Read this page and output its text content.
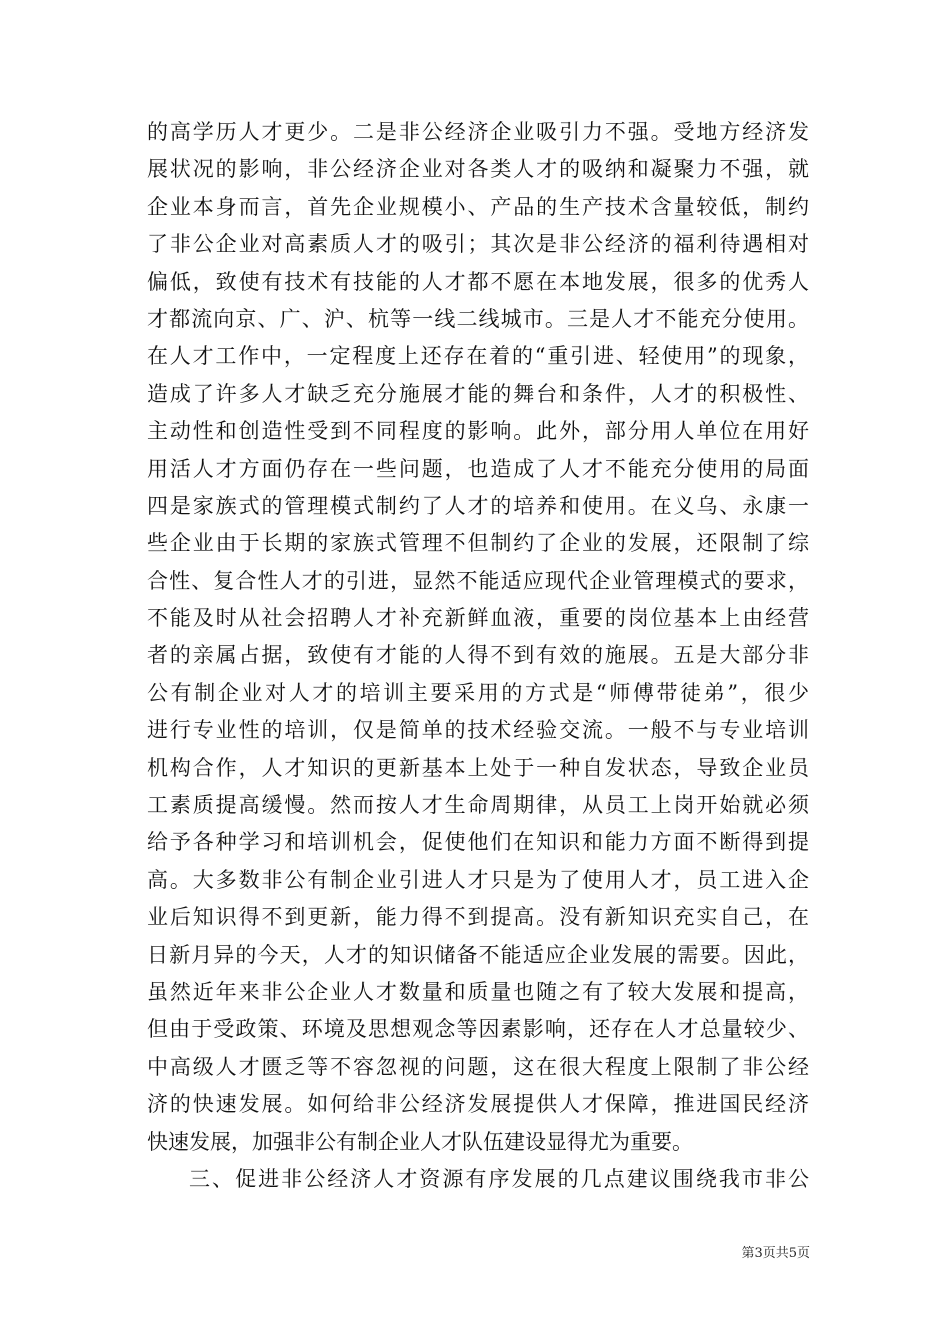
的高学历人才更少。二是非公经济企业吸引力不强。受地方经济发
展状况的影响，非公经济企业对各类人才的吸纳和凝聚力不强，就
企业本身而言，首先企业规模小、产品的生产技术含量较低，制约
了非公企业对高素质人才的吸引；其次是非公经济的福利待遇相对
偏低，致使有技术有技能的人才都不愿在本地发展，很多的优秀人
才都流向京、广、沪、杭等一线二线城市。三是人才不能充分使用。
在人才工作中，一定程度上还存在着的“重引进、轻使用”的现象，
造成了许多人才缺乏充分施展才能的舞台和条件，人才的积极性、
主动性和创造性受到不同程度的影响。此外，部分用人单位在用好
用活人才方面仍存在一些问题，也造成了人才不能充分使用的局面
四是家族式的管理模式制约了人才的培养和使用。在义乌、永康一
些企业由于长期的家族式管理不但制约了企业的发展，还限制了综
合性、复合性人才的引进，显然不能适应现代企业管理模式的要求，
不能及时从社会招聘人才补充新鲜血液，重要的岗位基本上由经营
者的亲属占据，致使有才能的人得不到有效的施展。五是大部分非
公有制企业对人才的培训主要采用的方式是“师傅带徒弟”，很少
进行专业性的培训，仅是简单的技术经验交流。一般不与专业培训
机构合作，人才知识的更新基本上处于一种自发状态，导致企业员
工素质提高缓慢。然而按人才生命周期律，从员工上岗开始就必须
给予各种学习和培训机会，促使他们在知识和能力方面不断得到提
高。大多数非公有制企业引进人才只是为了使用人才，员工进入企
业后知识得不到更新，能力得不到提高。没有新知识充实自己，在
日新月异的今天，人才的知识储备不能适应企业发展的需要。因此，
虽然近年来非公企业人才数量和质量也随之有了较大发展和提高，
但由于受政策、环境及思想观念等因素影响，还存在人才总量较少、
中高级人才匮乏等不容忽视的问题，这在很大程度上限制了非公经
济的快速发展。如何给非公经济发展提供人才保障，推进国民经济
快速发展，加强非公有制企业人才队伍建设显得尤为重要。
三、促进非公经济人才资源有序发展的几点建议围绕我市非公
第3页共5页
